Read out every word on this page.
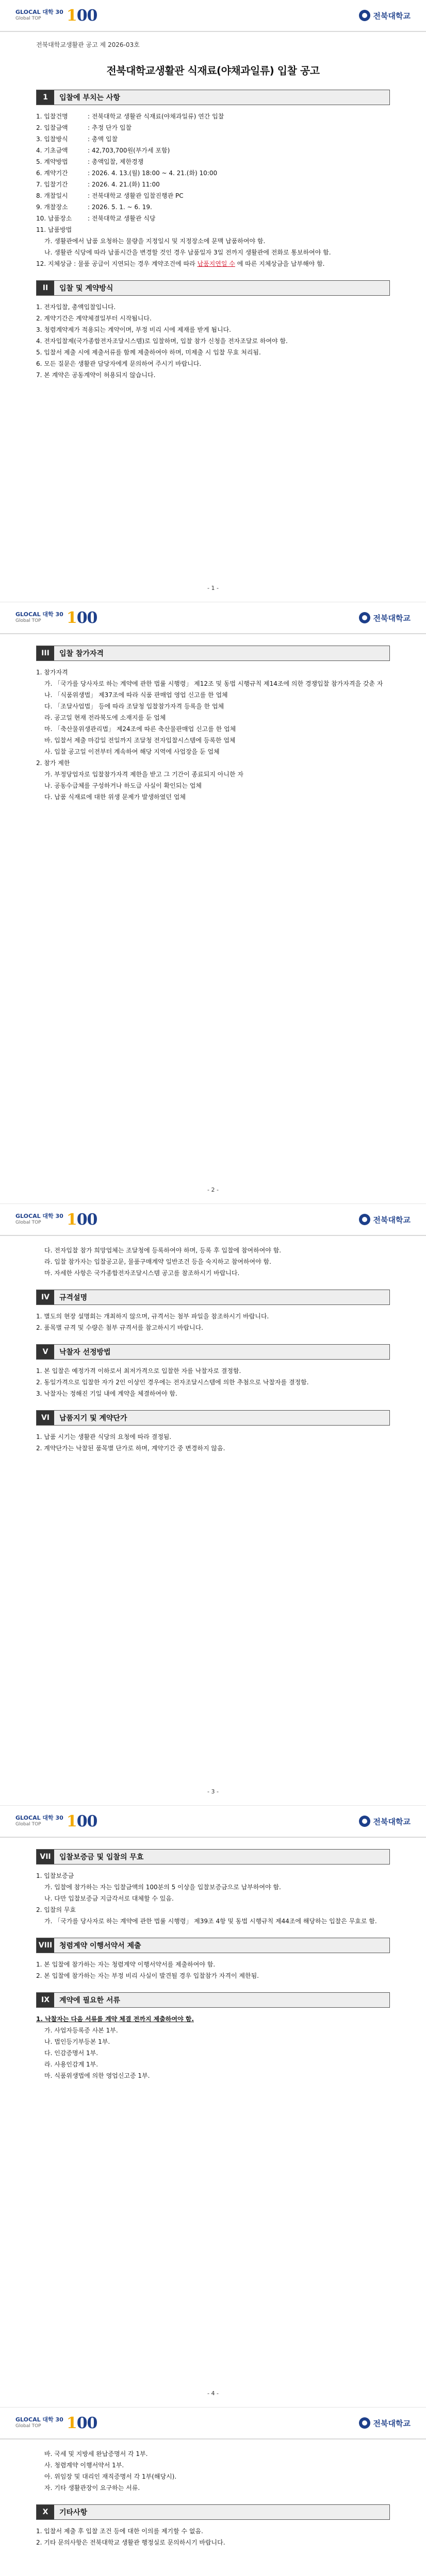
GLOCAL 대학 30
Global TOP	100	전북대학교
전북대학교생활관 공고 제 2026-03호
전북대학교생활관 식재료(야채과일류) 입찰 공고
1	입찰에 부치는 사항
1. 입찰건명	: 전북대학교 생활관 식재료(야채과일류) 연간 입찰
2. 입찰금액	: 추정 단가 입찰
3. 입찰방식	: 총액 입찰
4. 기초금액	: 42,703,700원(부가세 포함)
5. 계약방법	: 총액입찰, 제한경쟁
6. 계약기간	: 2026. 4. 13.(월) 18:00 ~ 4. 21.(화) 10:00
7. 입찰기간	: 2026. 4. 21.(화) 11:00
8. 개찰일시	: 전북대학교 생활관 입찰진행관 PC
9. 개찰장소	: 2026. 5. 1. ~ 6. 19.
10. 납품장소	: 전북대학교 생활관 식당
11. 납품방법
가. 생활관에서 납품 요청하는 물량을 지정일시 및 지정장소에 문맥 납품하여야 함.
나. 생활관 식당에 따라 납품시간을 변경할 것인 경우 납품일자 3일 전까지 생활관에 전화로 통보하여야 함.
12. 지체상금 : 물품 공급이 지연되는 경우 계약조건에 따라 납품지연일 수 에 따른 지체상금을 납부해야 함.
II	입찰 및 계약방식
1. 전자입찰, 총액입찰입니다.
2. 계약기간은 계약체결일부터 시작됩니다.
3. 청렴계약제가 적용되는 계약이며, 부정 비리 시에 제재를 받게 됩니다.
4. 전자입찰제(국가종합전자조달시스템)로 입찰하며, 입찰 참가 신청을 전자조달로 하여야 함.
5. 입찰서 제출 시에 제출서류를 함께 제출하여야 하며, 미제출 시 입찰 무효 처리됨.
6. 모든 질문은 생활관 담당자에게 문의하여 주시기 바랍니다.
7. 본 계약은 공동계약이 허용되지 않습니다.
- 1 -
GLOCAL 대학 30
Global TOP	100	전북대학교
III	입찰 참가자격
1. 참가자격
가. 「국가를 당사자로 하는 계약에 관한 법률 시행령」 제12조 및 동법 시행규칙 제14조에 의한 경쟁입찰 참가자격을 갖춘 자
나. 「식품위생법」 제37조에 따라 식품 판매업 영업 신고를 한 업체
다. 「조달사업법」 등에 따라 조달청 입찰참가자격 등록을 한 업체
라. 공고일 현재 전라북도에 소재지를 둔 업체
마. 「축산물위생관리법」 제24조에 따른 축산물판매업 신고를 한 업체
바. 입찰서 제출 마감일 전일까지 조달청 전자입찰시스템에 등록한 업체
사. 입찰 공고일 이전부터 계속하여 해당 지역에 사업장을 둔 업체
2. 참가 제한
가. 부정당업자로 입찰참가자격 제한을 받고 그 기간이 종료되지 아니한 자
나. 공동수급체를 구성하거나 하도급 사실이 확인되는 업체
다. 납품 식재료에 대한 위생 문제가 발생하였던 업체
- 2 -
GLOCAL 대학 30
Global TOP	100	전북대학교
다. 전자입찰 참가 희망업체는 조달청에 등록하여야 하며, 등록 후 입찰에 참여하여야 함.
라. 입찰 참가자는 입찰공고문, 물품구매계약 일반조건 등을 숙지하고 참여하여야 함.
마. 자세한 사항은 국가종합전자조달시스템 공고를 참조하시기 바랍니다.
IV	규격설명
1. 별도의 현장 설명회는 개최하지 않으며, 규격서는 첨부 파일을 참조하시기 바랍니다.
2. 품목별 규격 및 수량은 첨부 규격서를 참고하시기 바랍니다.
V	낙찰자 선정방법
1. 본 입찰은 예정가격 이하로서 최저가격으로 입찰한 자를 낙찰자로 결정함.
2. 동일가격으로 입찰한 자가 2인 이상인 경우에는 전자조달시스템에 의한 추첨으로 낙찰자를 결정함.
3. 낙찰자는 정해진 기일 내에 계약을 체결하여야 함.
VI	납품지기 및 계약단가
1. 납품 시기는 생활관 식당의 요청에 따라 결정됨.
2. 계약단가는 낙찰된 품목별 단가로 하며, 계약기간 중 변경하지 않음.
- 3 -
GLOCAL 대학 30
Global TOP	100	전북대학교
VII	입찰보증금 및 입찰의 무효
1. 입찰보증금
가. 입찰에 참가하는 자는 입찰금액의 100분의 5 이상을 입찰보증금으로 납부하여야 함.
나. 다만 입찰보증금 지급각서로 대체할 수 있음.
2. 입찰의 무효
가. 「국가를 당사자로 하는 계약에 관한 법률 시행령」 제39조 4항 및 동법 시행규칙 제44조에 해당하는 입찰은 무효로 함.
VIII 청렴계약 이행서약서 제출
1. 본 입찰에 참가하는 자는 청렴계약 이행서약서를 제출하여야 함.
2. 본 입찰에 참가하는 자는 부정 비리 사실이 발견될 경우 입찰참가 자격이 제한됨.
IX	계약에 필요한 서류
1. 낙찰자는 다음 서류를 계약 체결 전까지 제출하여야 함.
가. 사업자등록증 사본 1부.
나. 법인등기부등본 1부.
다. 인감증명서 1부.
라. 사용인감계 1부.
마. 식품위생법에 의한 영업신고증 1부.
- 4 -
GLOCAL 대학 30
Global TOP	100	전북대학교
바. 국세 및 지방세 완납증명서 각 1부.
사. 청렴계약 이행서약서 1부.
아. 위임장 및 대리인 재직증명서 각 1부(해당시).
자. 기타 생활관장이 요구하는 서류.
X	기타사항
1. 입찰서 제출 후 입찰 조건 등에 대한 이의를 제기할 수 없음.
2. 기타 문의사항은 전북대학교 생활관 행정실로 문의하시기 바랍니다.
